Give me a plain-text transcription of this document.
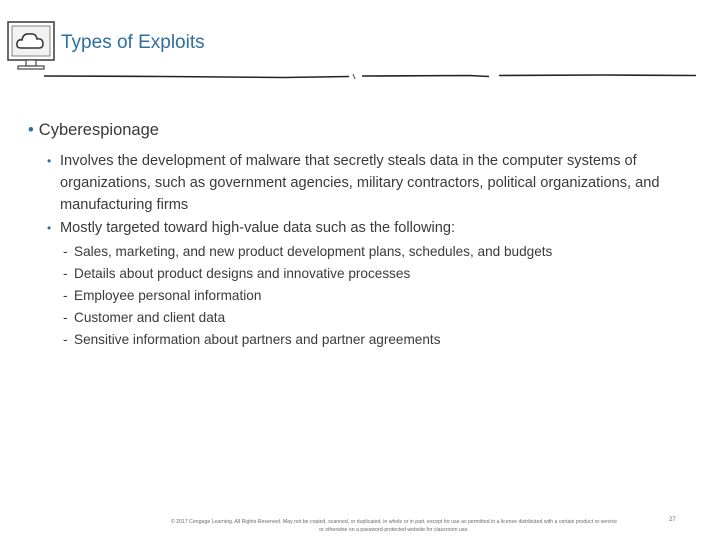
Types of Exploits
• Cyberespionage
• Involves the development of malware that secretly steals data in the computer systems of organizations, such as government agencies, military contractors, political organizations, and manufacturing firms
• Mostly targeted toward high-value data such as the following:
- Sales, marketing, and new product development plans, schedules, and budgets
- Details about product designs and innovative processes
- Employee personal information
- Customer and client data
- Sensitive information about partners and partner agreements
© 2017 Cengage Learning. All Rights Reserved. May not be copied, scanned, or duplicated, in whole or in part, except for use as permitted in a license distributed with a certain product or service
or otherwise on a password-protected website for classroom use.
27
